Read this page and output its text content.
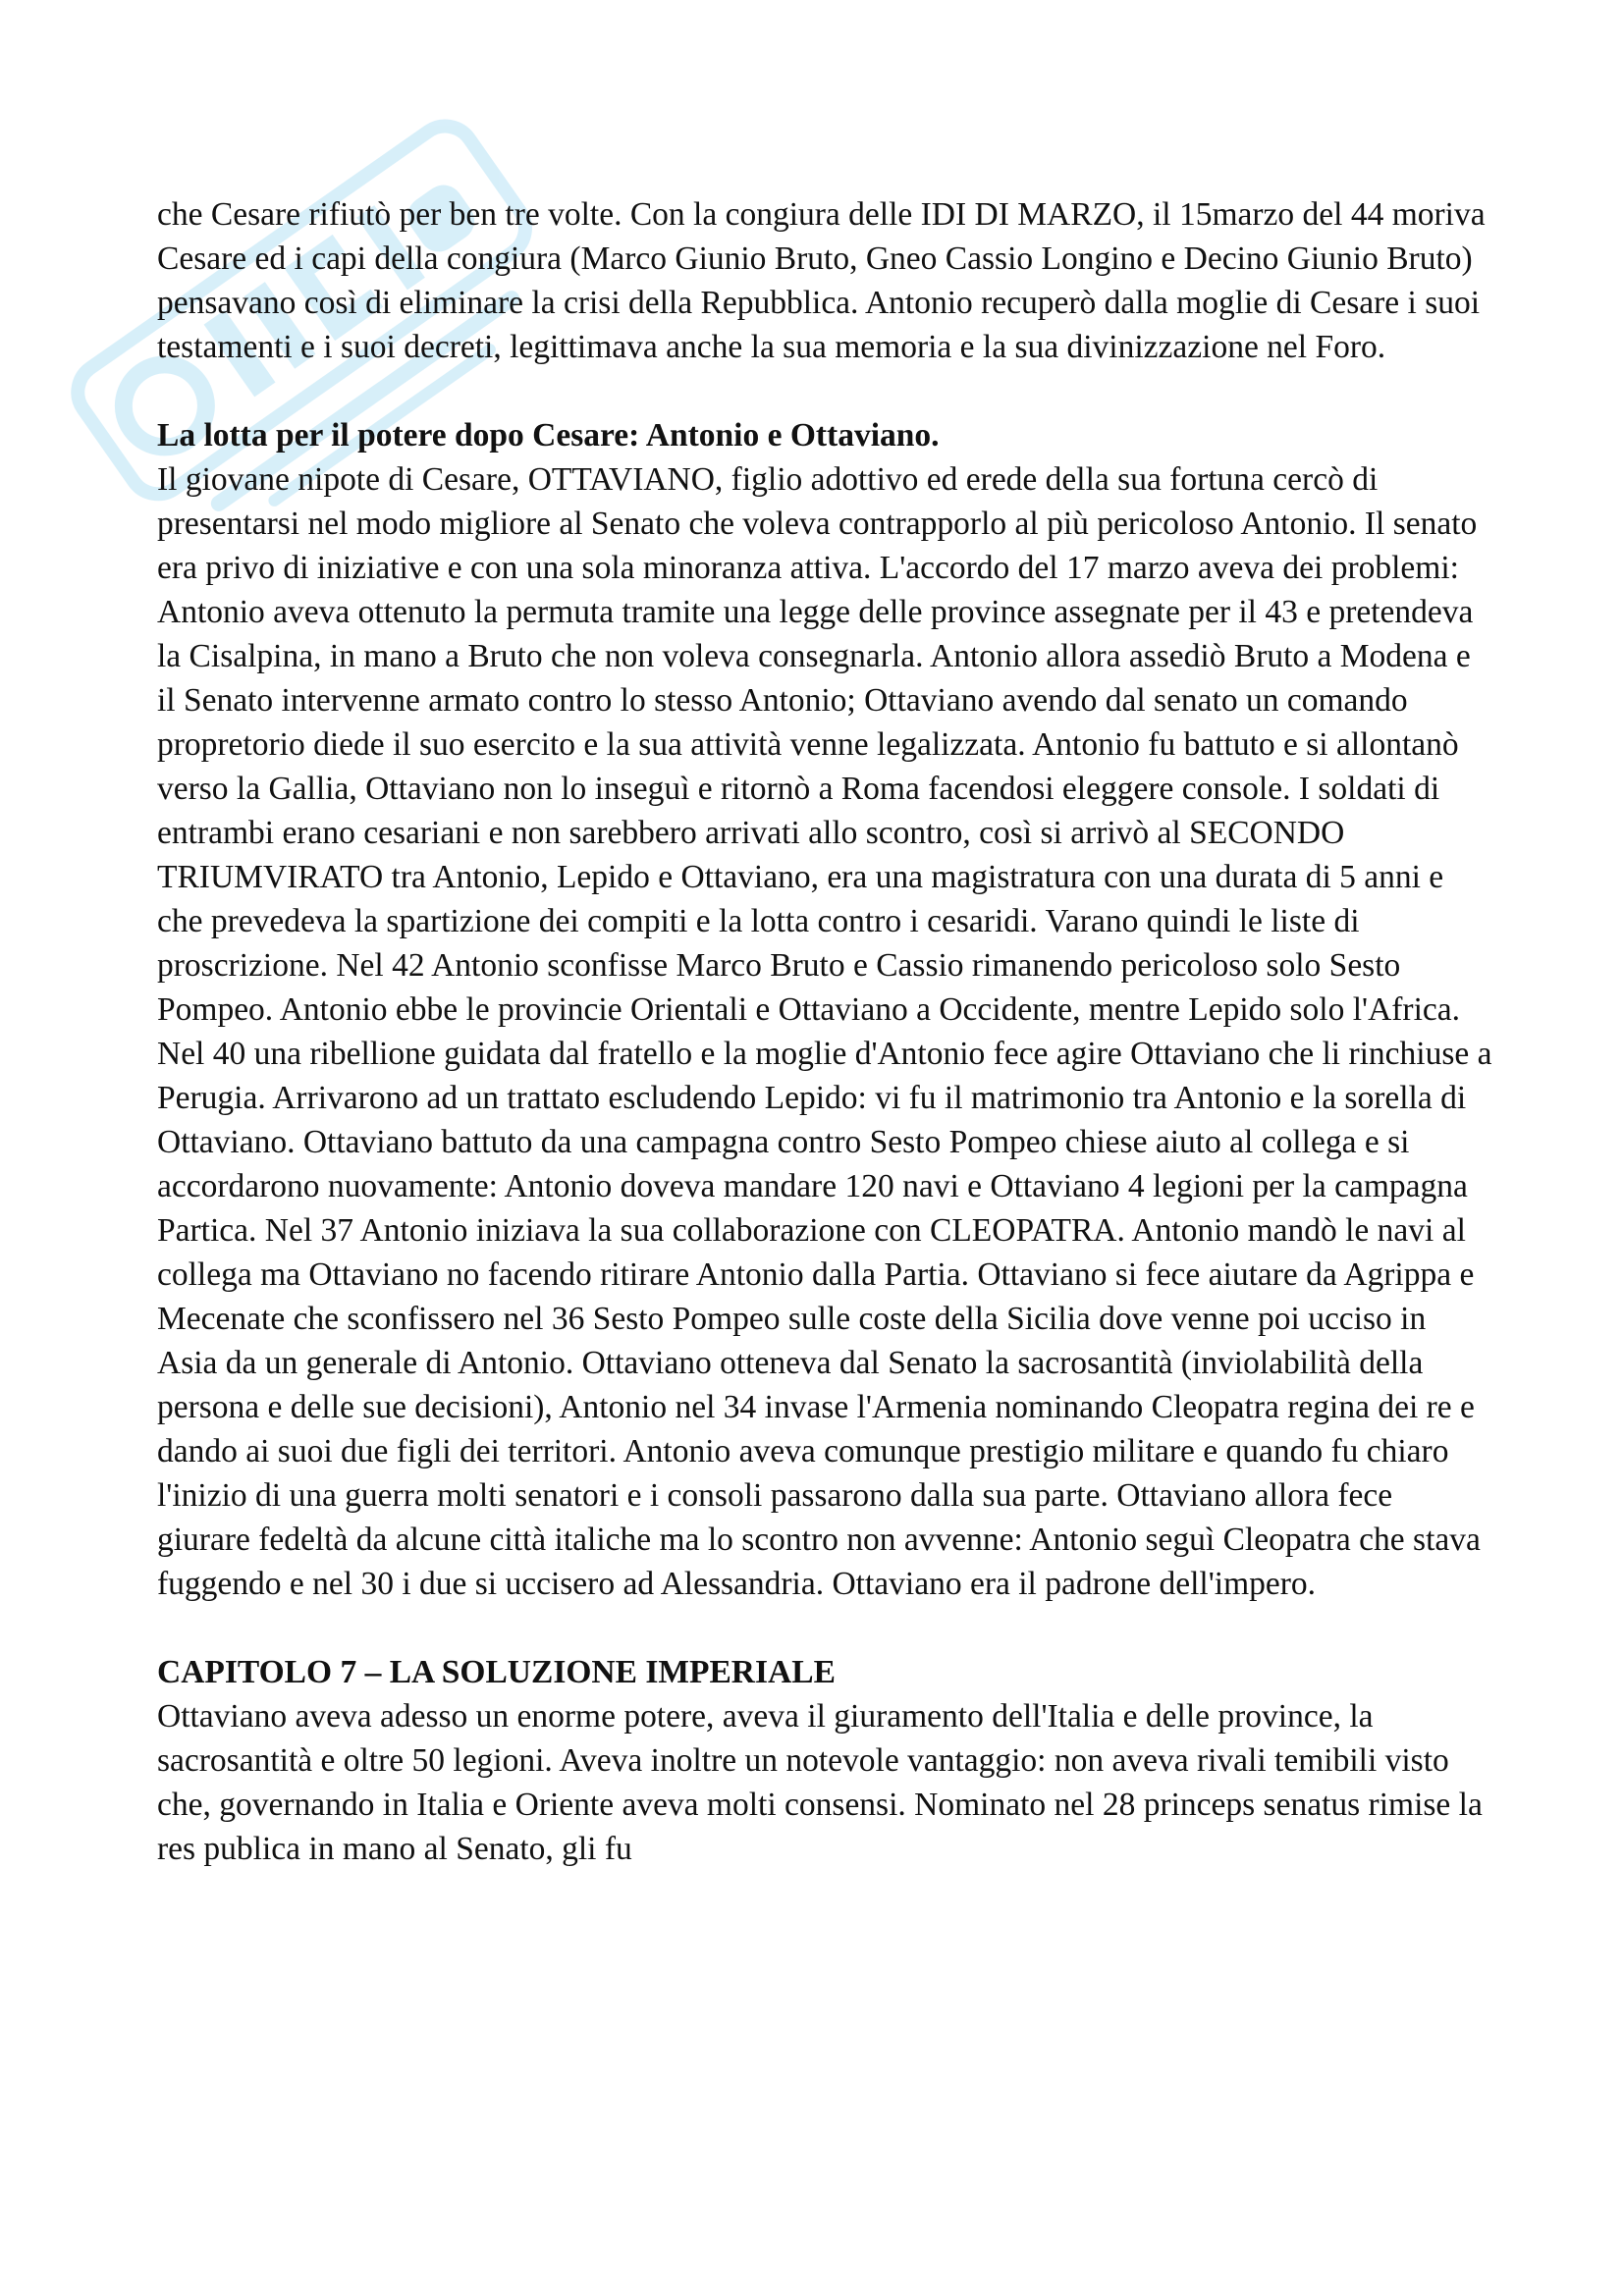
che Cesare rifiutò per ben tre volte. Con la congiura delle IDI DI MARZO, il 15marzo del 44 moriva Cesare ed i capi della congiura (Marco Giunio Bruto, Gneo Cassio Longino e Decino Giunio Bruto) pensavano così di eliminare la crisi della Repubblica. Antonio recuperò dalla moglie di Cesare i suoi testamenti e i suoi decreti, legittimava anche la sua memoria e la sua divinizzazione nel Foro.

La lotta per il potere dopo Cesare: Antonio e Ottaviano.

Il giovane nipote di Cesare, OTTAVIANO, figlio adottivo ed erede della sua fortuna cercò di presentarsi nel modo migliore al Senato che voleva contrapporlo al più pericoloso Antonio. Il senato era privo di iniziative e con una sola minoranza attiva. L'accordo del 17 marzo aveva dei problemi: Antonio aveva ottenuto la permuta tramite una legge delle province assegnate per il 43 e pretendeva la Cisalpina, in mano a Bruto che non voleva consegnarla. Antonio allora assediò Bruto a Modena e il Senato intervenne armato contro lo stesso Antonio; Ottaviano avendo dal senato un comando propretorio diede il suo esercito e la sua attività venne legalizzata. Antonio fu battuto e si allontanò verso la Gallia, Ottaviano non lo inseguì e ritornò a Roma facendosi eleggere console. I soldati di entrambi erano cesariani e non sarebbero arrivati allo scontro, così si arrivò al SECONDO TRIUMVIRATO tra Antonio, Lepido e Ottaviano, era una magistratura con una durata di 5 anni e che prevedeva la spartizione dei compiti e la lotta contro i cesaridi. Varano quindi le liste di proscrizione. Nel 42 Antonio sconfisse Marco Bruto e Cassio rimanendo pericoloso solo Sesto Pompeo. Antonio ebbe le provincie Orientali e Ottaviano a Occidente, mentre Lepido solo l'Africa. Nel 40 una ribellione guidata dal fratello e la moglie d'Antonio fece agire Ottaviano che li rinchiuse a Perugia. Arrivarono ad un trattato escludendo Lepido: vi fu il matrimonio tra Antonio e la sorella di Ottaviano. Ottaviano battuto da una campagna contro Sesto Pompeo chiese aiuto al collega e si accordarono nuovamente: Antonio doveva mandare 120 navi e Ottaviano 4 legioni per la campagna Partica. Nel 37 Antonio iniziava la sua collaborazione con CLEOPATRA. Antonio mandò le navi al collega ma Ottaviano no facendo ritirare Antonio dalla Partia. Ottaviano si fece aiutare da Agrippa e Mecenate che sconfissero nel 36 Sesto Pompeo sulle coste della Sicilia dove venne poi ucciso in Asia da un generale di Antonio. Ottaviano otteneva dal Senato la sacrosantità (inviolabilità della persona e delle sue decisioni), Antonio nel 34 invase l'Armenia nominando Cleopatra regina dei re e dando ai suoi due figli dei territori. Antonio aveva comunque prestigio militare e quando fu chiaro l'inizio di una guerra molti senatori e i consoli passarono dalla sua parte. Ottaviano allora fece giurare fedeltà da alcune città italiche ma lo scontro non avvenne: Antonio seguì Cleopatra che stava fuggendo e nel 30 i due si uccisero ad Alessandria. Ottaviano era il padrone dell'impero.

CAPITOLO 7 – LA SOLUZIONE IMPERIALE

Ottaviano aveva adesso un enorme potere, aveva il giuramento dell'Italia e delle province, la sacrosantità e oltre 50 legioni. Aveva inoltre un notevole vantaggio: non aveva rivali temibili visto che, governando in Italia e Oriente aveva molti consensi. Nominato nel 28 princeps senatus rimise la res publica in mano al Senato, gli fu
